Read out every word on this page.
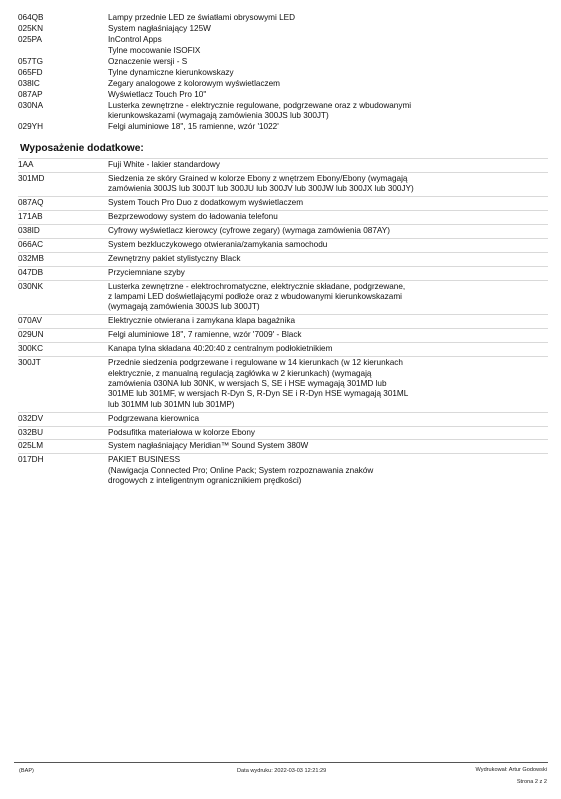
064QB	Lampy przednie LED ze światłami obrysowymi LED
025KN	System nagłaśniający 125W
025PA	InControl Apps
Tylne mocowanie ISOFIX
057TG	Oznaczenie wersji - S
065FD	Tylne dynamiczne kierunkowskazy
038IC	Zegary analogowe z kolorowym wyświetlaczem
087AP	Wyświetlacz Touch Pro 10"
030NA	Lusterka zewnętrzne - elektrycznie regulowane, podgrzewane oraz z wbudowanymi
kierunkowskazami (wymagają zamówienia 300JS lub 300JT)
029YH	Felgi aluminiowe 18", 15 ramienne, wzór '1022'
Wyposażenie dodatkowe:
1AA	Fuji White - lakier standardowy
301MD	Siedzenia ze skóry Grained w kolorze Ebony z wnętrzem Ebony/Ebony (wymagają
zamówienia 300JS lub 300JT lub 300JU lub 300JV lub 300JW lub 300JX lub 300JY)
087AQ	System Touch Pro Duo z dodatkowym wyświetlaczem
171AB	Bezprzewodowy system do ładowania telefonu
038ID	Cyfrowy wyświetlacz kierowcy (cyfrowe zegary) (wymaga zamówienia 087AY)
066AC	System bezkluczykowego otwierania/zamykania samochodu
032MB	Zewnętrzny pakiet stylistyczny Black
047DB	Przyciemniane szyby
030NK	Lusterka zewnętrzne - elektrochromatyczne, elektrycznie składane, podgrzewane,
z lampami LED doświetlającymi podłoże oraz z wbudowanymi kierunkowskazami
(wymagają zamówienia 300JS lub 300JT)
070AV	Elektrycznie otwierana i zamykana klapa bagażnika
029UN	Felgi aluminiowe 18", 7 ramienne, wzór '7009' - Black
300KC	Kanapa tylna składana 40:20:40 z centralnym podłokietnikiem
300JT	Przednie siedzenia podgrzewane i regulowane w 14 kierunkach (w 12 kierunkach
elektrycznie, z manualną regulacją zagłówka w 2 kierunkach) (wymagają
zamówienia 030NA lub 30NK, w wersjach S, SE i HSE wymagają 301MD lub
301ME lub 301MF, w wersjach R-Dyn S, R-Dyn SE i R-Dyn HSE wymagają 301ML
lub 301MM lub 301MN lub 301MP)
032DV	Podgrzewana kierownica
032BU	Podsufitka materiałowa w kolorze Ebony
025LM	System nagłaśniający Meridian™ Sound System 380W
017DH	PAKIET BUSINESS
(Nawigacja Connected Pro; Online Pack; System rozpoznawania znaków
drogowych z inteligentnym ogranicznikiem prędkości)
(BAP)	Data wydruku: 2022-03-03 12:21:29	Wydrukował: Artur Godowski
Strona 2 z 2
